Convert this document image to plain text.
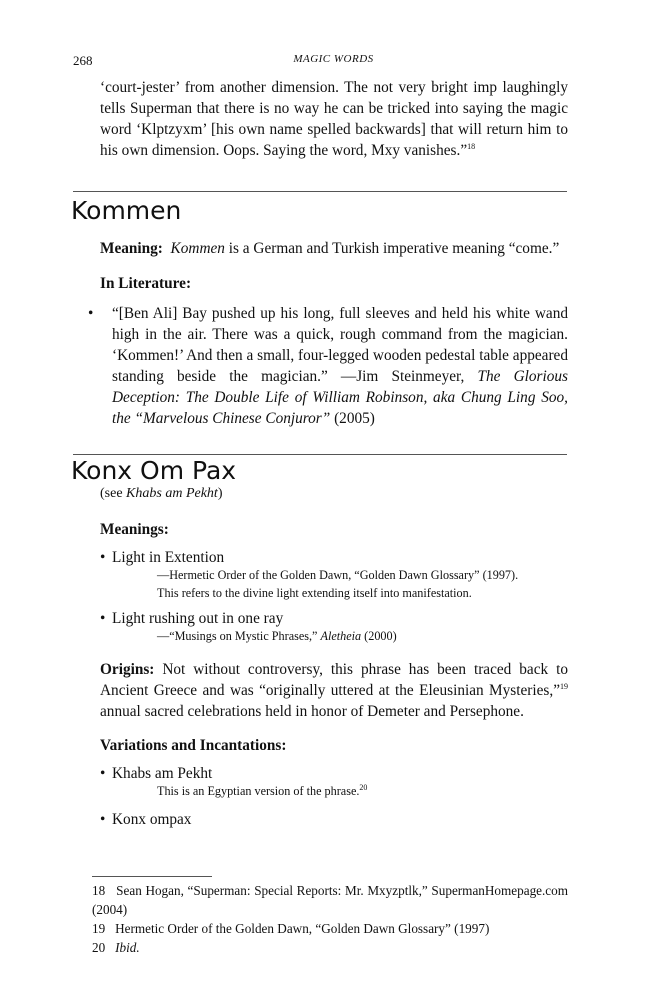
268	MAGIC WORDS
‘court-jester’ from another dimension. The not very bright imp laughingly tells Superman that there is no way he can be tricked into saying the magic word ‘Klptzyxm’ [his own name spelled backwards] that will return him to his own dimension. Oops. Saying the word, Mxy vanishes.”$^{18}$
Kommen
Meaning: Kommen is a German and Turkish imperative meaning “come.”
In Literature:
• “[Ben Ali] Bay pushed up his long, full sleeves and held his white wand high in the air. There was a quick, rough command from the magician. ‘Kommen!’ And then a small, four-legged wooden pedestal table appeared standing beside the magician.” —Jim Steinmeyer, The Glorious Deception: The Double Life of William Robinson, aka Chung Ling Soo, the “Marvelous Chinese Conjuror” (2005)
Konx Om Pax
(see Khabs am Pekht)
Meanings:
• Light in Extention
—Hermetic Order of the Golden Dawn, “Golden Dawn Glossary” (1997).
This refers to the divine light extending itself into manifestation.
• Light rushing out in one ray
—“Musings on Mystic Phrases,” Aletheia (2000)
Origins: Not without controversy, this phrase has been traced back to Ancient Greece and was “originally uttered at the Eleusinian Mysteries,”$^{19}$ annual sacred celebrations held in honor of Demeter and Persephone.
Variations and Incantations:
• Khabs am Pekht
This is an Egyptian version of the phrase.$^{20}$
• Konx ompax
18 Sean Hogan, “Superman: Special Reports: Mr. Mxyzptlk,” SupermanHomepage.com (2004)
19 Hermetic Order of the Golden Dawn, “Golden Dawn Glossary” (1997)
20 Ibid.
